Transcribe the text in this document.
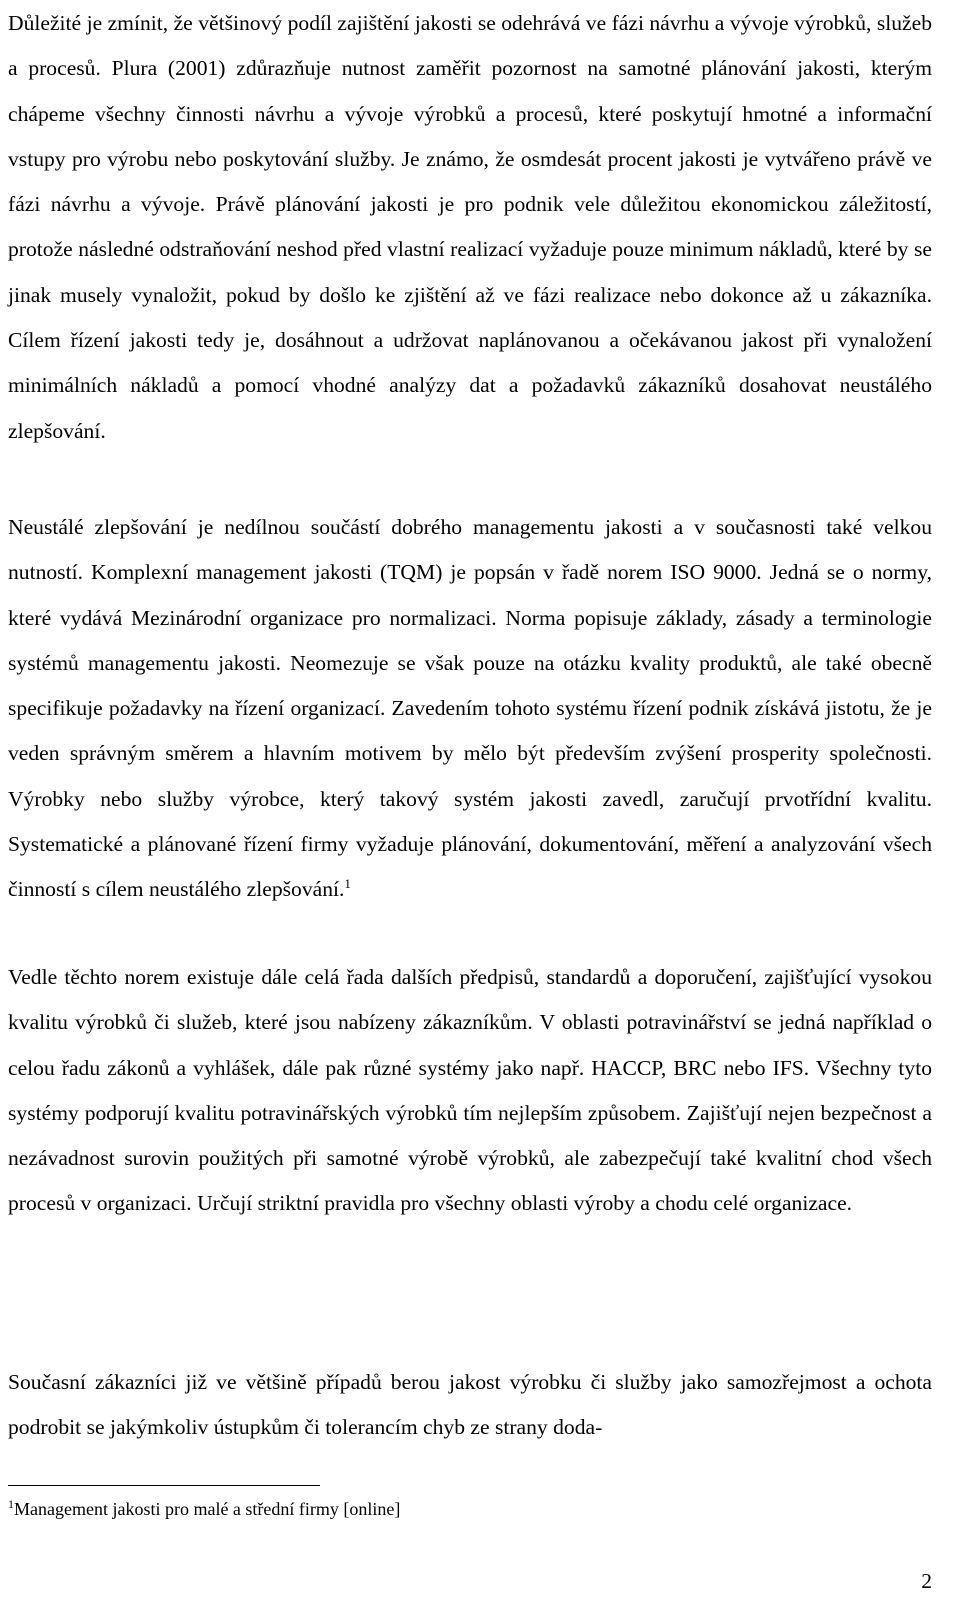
Důležité je zmínit, že většinový podíl zajištění jakosti se odehrává ve fázi návrhu a vývoje výrobků, služeb a procesů. Plura (2001) zdůrazňuje nutnost zaměřit pozornost na samotné plánování jakosti, kterým chápeme všechny činnosti návrhu a vývoje výrobků a procesů, které poskytují hmotné a informační vstupy pro výrobu nebo poskytování služby. Je známo, že osmdesát procent jakosti je vytvářeno právě ve fázi návrhu a vývoje. Právě plánování jakosti je pro podnik vele důležitou ekonomickou záležitostí, protože následné odstraňování neshod před vlastní realizací vyžaduje pouze minimum nákladů, které by se jinak musely vynaložit, pokud by došlo ke zjištění až ve fázi realizace nebo dokonce až u zákazníka. Cílem řízení jakosti tedy je, dosáhnout a udržovat naplánovanou a očekávanou jakost při vynaložení minimálních nákladů a pomocí vhodné analýzy dat a požadavků zákazníků dosahovat neustálého zlepšování.

Neustálé zlepšování je nedílnou součástí dobrého managementu jakosti a v současnosti také velkou nutností. Komplexní management jakosti (TQM) je popsán v řadě norem ISO 9000. Jedná se o normy, které vydává Mezinárodní organizace pro normalizaci. Norma popisuje základy, zásady a terminologie systémů managementu jakosti. Neomezuje se však pouze na otázku kvality produktů, ale také obecně specifikuje požadavky na řízení organizací. Zavedením tohoto systému řízení podnik získává jistotu, že je veden správným směrem a hlavním motivem by mělo být především zvýšení prosperity společnosti. Výrobky nebo služby výrobce, který takový systém jakosti zavedl, zaručují prvotřídní kvalitu. Systematické a plánované řízení firmy vyžaduje plánování, dokumentování, měření a analyzování všech činností s cílem neustálého zlepšování.$^1$

Vedle těchto norem existuje dále celá řada dalších předpisů, standardů a doporučení, zajišťující vysokou kvalitu výrobků či služeb, které jsou nabízeny zákazníkům. V oblasti potravinářství se jedná například o celou řadu zákonů a vyhlášek, dále pak různé systémy jako např. HACCP, BRC nebo IFS. Všechny tyto systémy podporují kvalitu potravinářských výrobků tím nejlepším způsobem. Zajišťují nejen bezpečnost a nezávadnost surovin použitých při samotné výrobě výrobků, ale zabezpečují také kvalitní chod všech procesů v organizaci. Určují striktní pravidla pro všechny oblasti výroby a chodu celé organizace.

Současní zákazníci již ve většině případů berou jakost výrobku či služby jako samozřejmost a ochota podrobit se jakýmkoliv ústupkům či tolerancím chyb ze strany doda-

$^1$Management jakosti pro malé a střední firmy [online]

2
